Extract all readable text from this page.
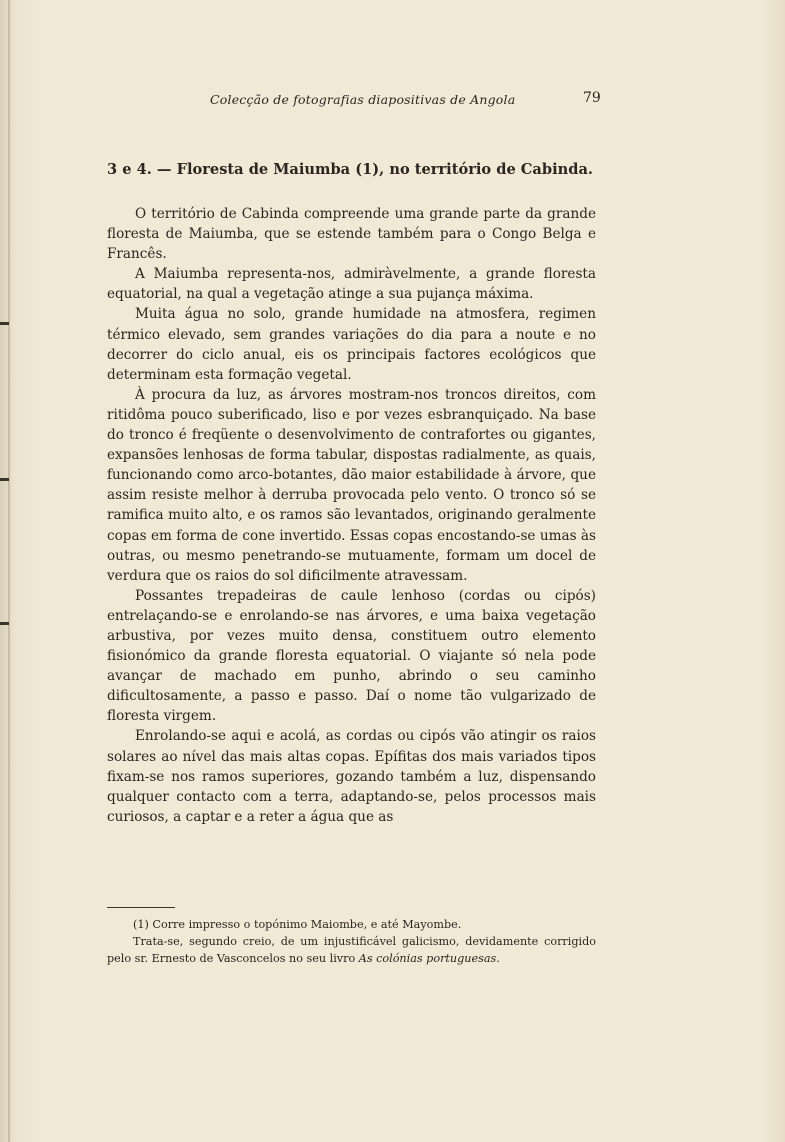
Colecção de fotografias diapositivas de Angola	79
3 e 4. — Floresta de Maiumba (1), no território de Cabinda.

O território de Cabinda compreende uma grande parte da grande floresta de Maiumba, que se estende também para o Congo Belga e Francês.

A Maiumba representa-nos, admiràvelmente, a grande floresta equatorial, na qual a vegetação atinge a sua pujança máxima.

Muita água no solo, grande humidade na atmosfera, regimen térmico elevado, sem grandes variações do dia para a noute e no decorrer do ciclo anual, eis os principais factores ecológicos que determinam esta formação vegetal.

À procura da luz, as árvores mostram-nos troncos direitos, com ritidôma pouco suberificado, liso e por vezes esbranquiçado. Na base do tronco é freqüente o desenvolvimento de contrafortes ou gigantes, expansões lenhosas de forma tabular, dispostas radialmente, as quais, funcionando como arco-botantes, dão maior estabilidade à árvore, que assim resiste melhor à derruba provocada pelo vento. O tronco só se ramifica muito alto, e os ramos são levantados, originando geralmente copas em forma de cone invertido. Essas copas encostando-se umas às outras, ou mesmo penetrando-se mutuamente, formam um docel de verdura que os raios do sol dificilmente atravessam.

Possantes trepadeiras de caule lenhoso (cordas ou cipós) entrelaçando-se e enrolando-se nas árvores, e uma baixa vegetação arbustiva, por vezes muito densa, constituem outro elemento fisionómico da grande floresta equatorial. O viajante só nela pode avançar de machado em punho, abrindo o seu caminho dificultosamente, a passo e passo. Daí o nome tão vulgarizado de floresta virgem.

Enrolando-se aqui e acolá, as cordas ou cipós vão atingir os raios solares ao nível das mais altas copas. Epífitas dos mais variados tipos fixam-se nos ramos superiores, gozando também a luz, dispensando qualquer contacto com a terra, adaptando-se, pelos processos mais curiosos, a captar e a reter a água que as

(1) Corre impresso o topónimo Maiombe, e até Mayombe.

Trata-se, segundo creio, de um injustificável galicismo, devidamente corrigido pelo sr. Ernesto de Vasconcelos no seu livro As colónias portuguesas.
